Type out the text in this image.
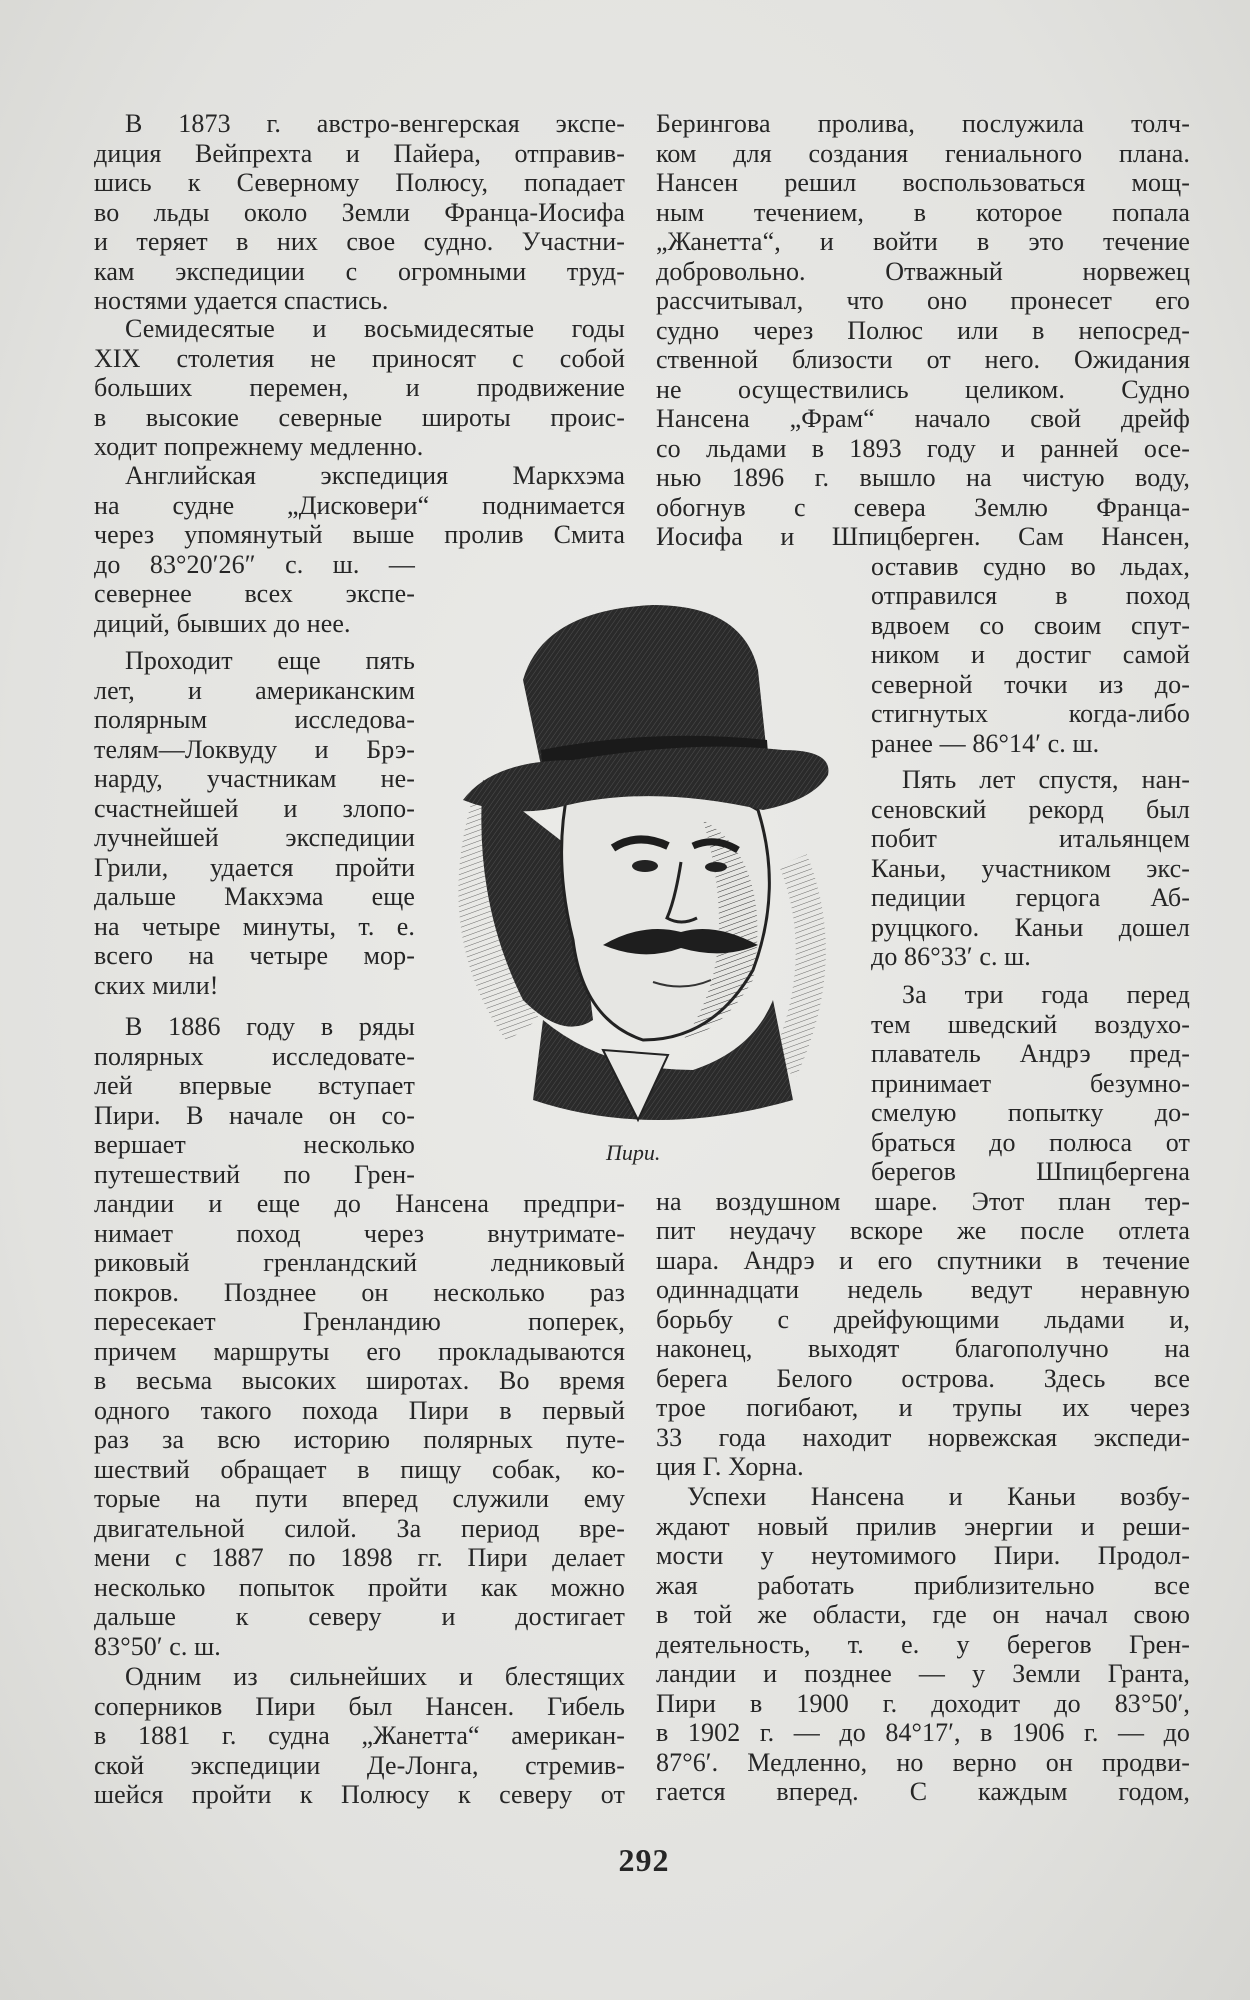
В 1873 г. австро-венгерская экспе-
диция Вейпрехта и Пайера, отправив-
шись к Северному Полюсу, попадает
во льды около Земли Франца-Иосифа
и теряет в них свое судно. Участни-
кам экспедиции с огромными труд-
ностями удается спастись.
Семидесятые и восьмидесятые годы
XIX столетия не приносят с собой
больших перемен, и продвижение
в высокие северные широты проис-
ходит попрежнему медленно.
Английская экспедиция Маркхэма
на судне „Дисковери“ поднимается
через упомянутый выше пролив Смита
до 83°20′26″ с. ш. —
севернее всех экспе-
диций, бывших до нее.
Проходит еще пять
лет, и американским
полярным исследова-
телям—Локвуду и Брэ-
нарду, участникам не-
счастнейшей и злопо-
лучнейшей экспедиции
Грили, удается пройти
дальше Макхэма еще
на четыре минуты, т. е.
всего на четыре мор-
ских мили!
В 1886 году в ряды
полярных исследовате-
лей впервые вступает
Пири. В начале он со-
вершает несколько
путешествий по Грен-
ландии и еще до Нансена предпри-
нимает поход через внутримате-
риковый гренландский ледниковый
покров. Позднее он несколько раз
пересекает Гренландию поперек,
причем маршруты его прокладываются
в весьма высоких широтах. Во время
одного такого похода Пири в первый
раз за всю историю полярных путе-
шествий обращает в пищу собак, ко-
торые на пути вперед служили ему
двигательной силой. За период вре-
мени с 1887 по 1898 гг. Пири делает
несколько попыток пройти как можно
дальше к северу и достигает
83°50′ с. ш.
Одним из сильнейших и блестящих
соперников Пири был Нансен. Гибель
в 1881 г. судна „Жанетта“ американ-
ской экспедиции Де-Лонга, стремив-
шейся пройти к Полюсу к северу от
Берингова пролива, послужила толч-
ком для создания гениального плана.
Нансен решил воспользоваться мощ-
ным течением, в которое попала
„Жанетта“, и войти в это течение
добровольно. Отважный норвежец
рассчитывал, что оно пронесет его
судно через Полюс или в непосред-
ственной близости от него. Ожидания
не осуществились целиком. Судно
Нансена „Фрам“ начало свой дрейф
со льдами в 1893 году и ранней осе-
нью 1896 г. вышло на чистую воду,
обогнув с севера Землю Франца-
Иосифа и Шпицберген. Сам Нансен,
оставив судно во льдах,
отправился в поход
вдвоем со своим спут-
ником и достиг самой
северной точки из до-
стигнутых когда-либо
ранее — 86°14′ с. ш.
Пять лет спустя, нан-
сеновский рекорд был
побит итальянцем
Каньи, участником экс-
педиции герцога Аб-
руццкого. Каньи дошел
до 86°33′ с. ш.
За три года перед
тем шведский воздухо-
плаватель Андрэ пред-
принимает безумно-
смелую попытку до-
браться до полюса от
берегов Шпицбергена
на воздушном шаре. Этот план тер-
пит неудачу вскоре же после отлета
шара. Андрэ и его спутники в течение
одиннадцати недель ведут неравную
борьбу с дрейфующими льдами и,
наконец, выходят благополучно на
берега Белого острова. Здесь все
трое погибают, и трупы их через
33 года находит норвежская экспеди-
ция Г. Хорна.
Успехи Нансена и Каньи возбу-
ждают новый прилив энергии и реши-
мости у неутомимого Пири. Продол-
жая работать приблизительно все
в той же области, где он начал свою
деятельность, т. е. у берегов Грен-
ландии и позднее — у Земли Гранта,
Пири в 1900 г. доходит до 83°50′,
в 1902 г. — до 84°17′, в 1906 г. — до
87°6′. Медленно, но верно он продви-
гается вперед. С каждым годом,
Пири.
292
